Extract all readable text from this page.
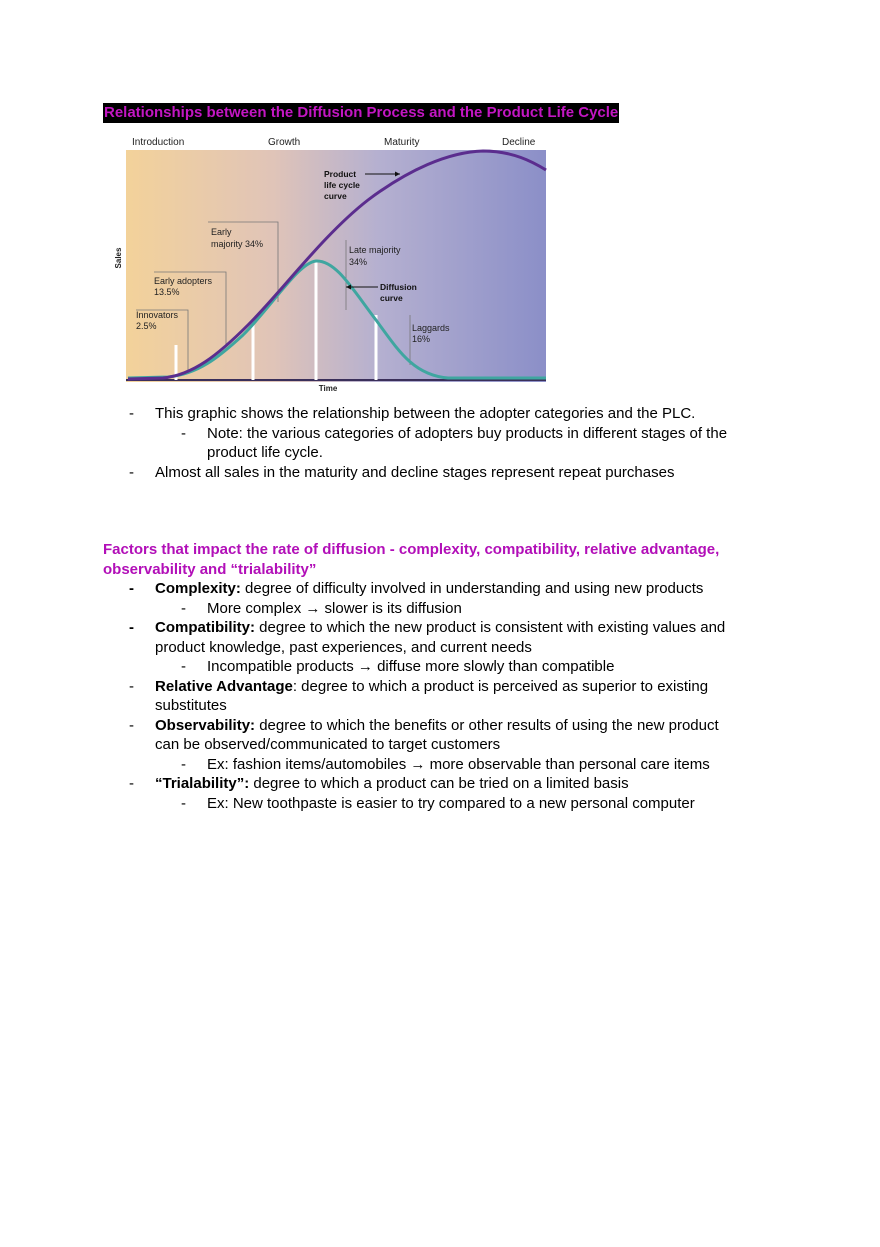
Relationships between the Diffusion Process and the Product Life Cycle
Introduction	Growth	Maturity	Decline
Sales
Time
Product
life cycle
curve
Diffusion
curve
Innovators
2.5%
Early adopters
13.5%
Early
majority 34%
Late majority
34%
Laggards
16%
- This graphic shows the relationship between the adopter categories and the PLC.
- Note: the various categories of adopters buy products in different stages of the
product life cycle.
- Almost all sales in the maturity and decline stages represent repeat purchases
Factors that impact the rate of diffusion - complexity, compatibility, relative advantage,
observability and “trialability”
- Complexity: degree of difficulty involved in understanding and using new products
- More complex → slower is its diffusion
- Compatibility: degree to which the new product is consistent with existing values and
product knowledge, past experiences, and current needs
- Incompatible products → diffuse more slowly than compatible
- Relative Advantage: degree to which a product is perceived as superior to existing
substitutes
- Observability: degree to which the benefits or other results of using the new product
can be observed/communicated to target customers
- Ex: fashion items/automobiles → more observable than personal care items
- “Trialability”: degree to which a product can be tried on a limited basis
- Ex: New toothpaste is easier to try compared to a new personal computer
